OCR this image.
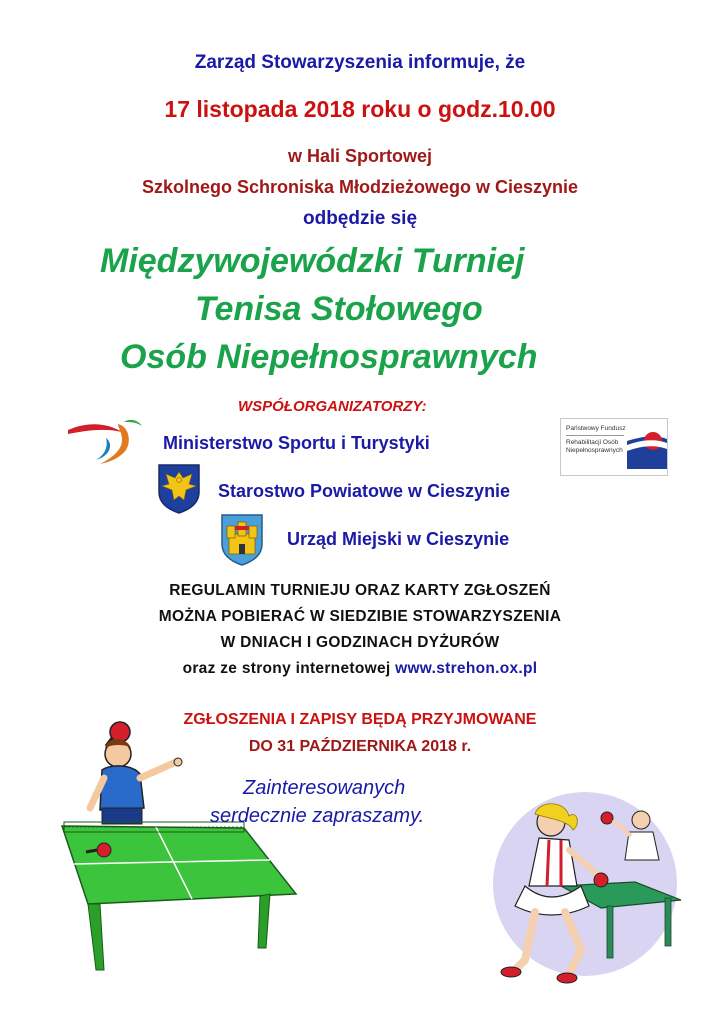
Zarząd Stowarzyszenia informuje, że
17 listopada 2018 roku o godz.10.00
w Hali Sportowej
Szkolnego Schroniska Młodzieżowego w Cieszynie
odbędzie się
Międzywojewódzki Turniej
Tenisa Stołowego
Osób Niepełnosprawnych
WSPÓŁORGANIZATORZY:
Ministerstwo Sportu i Turystyki
Starostwo Powiatowe w Cieszynie
Urząd Miejski w Cieszynie
Państwowy Fundusz
Rehabilitacji Osób
Niepełnosprawnych
REGULAMIN TURNIEJU ORAZ KARTY ZGŁOSZEŃ
MOŻNA POBIERAĆ W SIEDZIBIE STOWARZYSZENIA
W DNIACH I GODZINACH DYŻURÓW
oraz ze strony internetowej www.strehon.ox.pl
ZGŁOSZENIA I ZAPISY BĘDĄ PRZYJMOWANE
DO 31 PAŹDZIERNIKA 2018 r.
Zainteresowanych
serdecznie zapraszamy.
